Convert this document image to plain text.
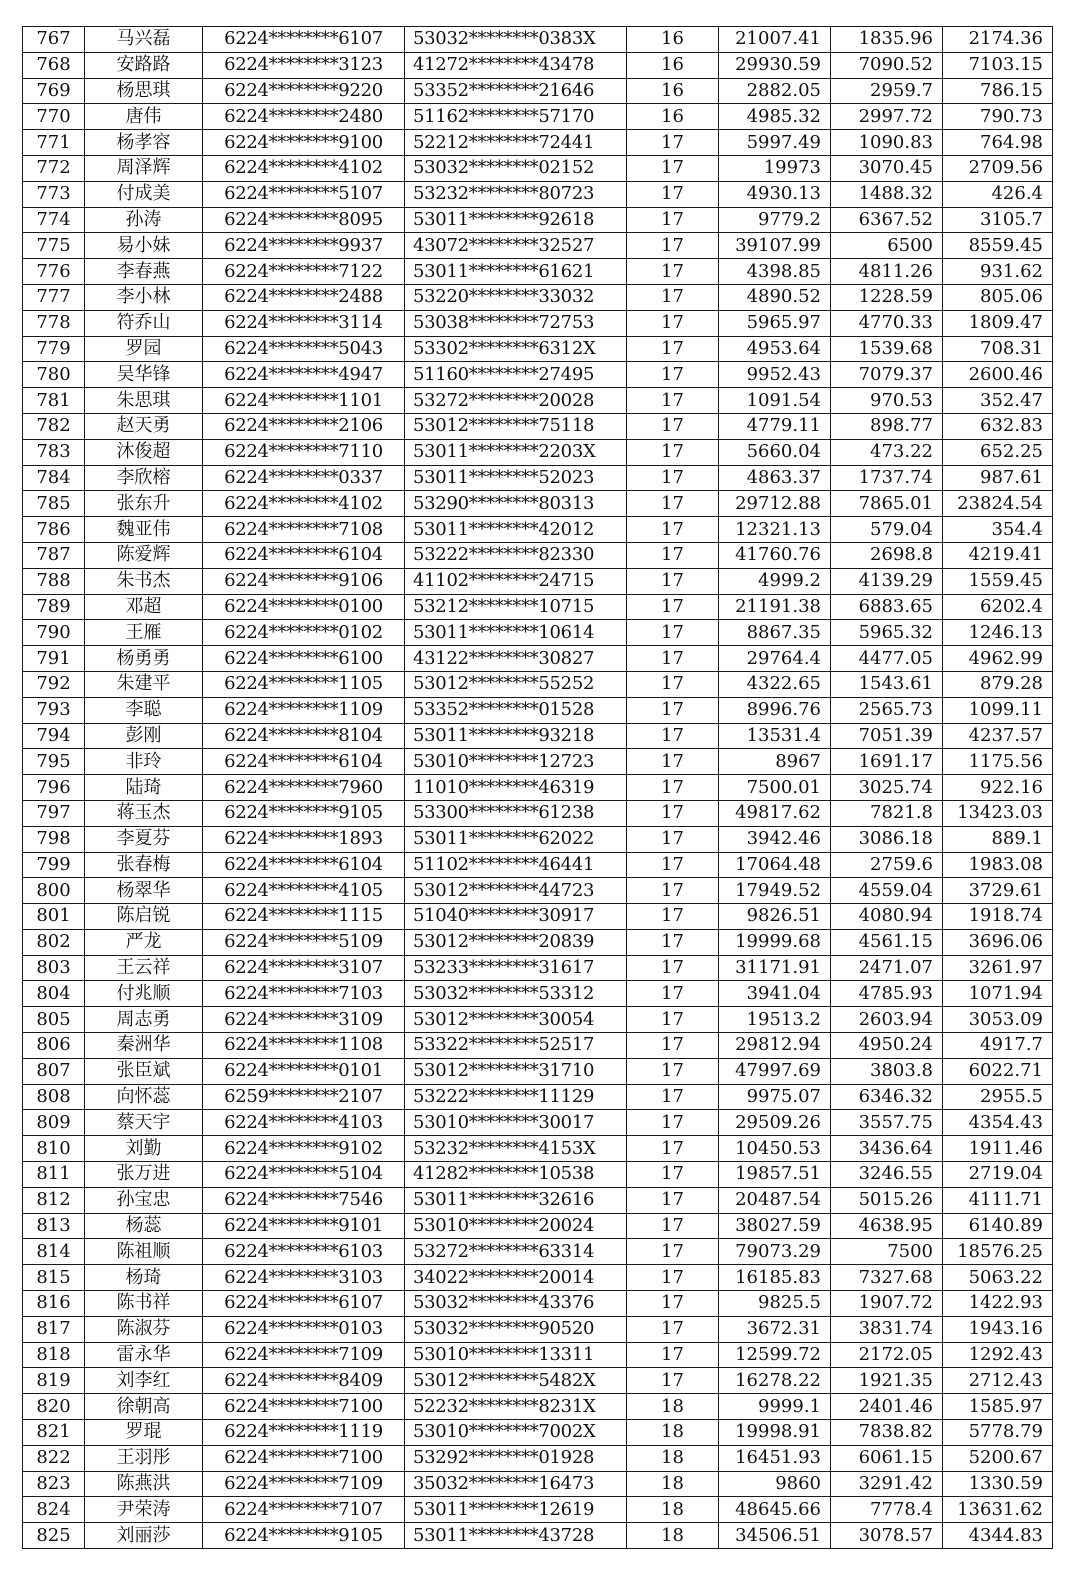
767	马兴磊	6224********6107	53032********0383X	16	21007.41	1835.96	2174.36
768	安路路	6224********3123	41272********43478	16	29930.59	7090.52	7103.15
769	杨思琪	6224********9220	53352********21646	16	2882.05	2959.7	786.15
770	唐伟	6224********2480	51162********57170	16	4985.32	2997.72	790.73
771	杨孝容	6224********9100	52212********72441	17	5997.49	1090.83	764.98
772	周泽辉	6224********4102	53032********02152	17	19973	3070.45	2709.56
773	付成美	6224********5107	53232********80723	17	4930.13	1488.32	426.4
774	孙涛	6224********8095	53011********92618	17	9779.2	6367.52	3105.7
775	易小妹	6224********9937	43072********32527	17	39107.99	6500	8559.45
776	李春燕	6224********7122	53011********61621	17	4398.85	4811.26	931.62
777	李小林	6224********2488	53220********33032	17	4890.52	1228.59	805.06
778	符乔山	6224********3114	53038********72753	17	5965.97	4770.33	1809.47
779	罗园	6224********5043	53302********6312X	17	4953.64	1539.68	708.31
780	吴华锋	6224********4947	51160********27495	17	9952.43	7079.37	2600.46
781	朱思琪	6224********1101	53272********20028	17	1091.54	970.53	352.47
782	赵天勇	6224********2106	53012********75118	17	4779.11	898.77	632.83
783	沐俊超	6224********7110	53011********2203X	17	5660.04	473.22	652.25
784	李欣榕	6224********0337	53011********52023	17	4863.37	1737.74	987.61
785	张东升	6224********4102	53290********80313	17	29712.88	7865.01	23824.54
786	魏亚伟	6224********7108	53011********42012	17	12321.13	579.04	354.4
787	陈爱辉	6224********6104	53222********82330	17	41760.76	2698.8	4219.41
788	朱书杰	6224********9106	41102********24715	17	4999.2	4139.29	1559.45
789	邓超	6224********0100	53212********10715	17	21191.38	6883.65	6202.4
790	王雁	6224********0102	53011********10614	17	8867.35	5965.32	1246.13
791	杨勇勇	6224********6100	43122********30827	17	29764.4	4477.05	4962.99
792	朱建平	6224********1105	53012********55252	17	4322.65	1543.61	879.28
793	李聪	6224********1109	53352********01528	17	8996.76	2565.73	1099.11
794	彭刚	6224********8104	53011********93218	17	13531.4	7051.39	4237.57
795	非玲	6224********6104	53010********12723	17	8967	1691.17	1175.56
796	陆琦	6224********7960	11010********46319	17	7500.01	3025.74	922.16
797	蒋玉杰	6224********9105	53300********61238	17	49817.62	7821.8	13423.03
798	李夏芬	6224********1893	53011********62022	17	3942.46	3086.18	889.1
799	张春梅	6224********6104	51102********46441	17	17064.48	2759.6	1983.08
800	杨翠华	6224********4105	53012********44723	17	17949.52	4559.04	3729.61
801	陈启锐	6224********1115	51040********30917	17	9826.51	4080.94	1918.74
802	严龙	6224********5109	53012********20839	17	19999.68	4561.15	3696.06
803	王云祥	6224********3107	53233********31617	17	31171.91	2471.07	3261.97
804	付兆顺	6224********7103	53032********53312	17	3941.04	4785.93	1071.94
805	周志勇	6224********3109	53012********30054	17	19513.2	2603.94	3053.09
806	秦洲华	6224********1108	53322********52517	17	29812.94	4950.24	4917.7
807	张臣斌	6224********0101	53012********31710	17	47997.69	3803.8	6022.71
808	向怀蕊	6259********2107	53222********11129	17	9975.07	6346.32	2955.5
809	蔡天宇	6224********4103	53010********30017	17	29509.26	3557.75	4354.43
810	刘勤	6224********9102	53232********4153X	17	10450.53	3436.64	1911.46
811	张万进	6224********5104	41282********10538	17	19857.51	3246.55	2719.04
812	孙宝忠	6224********7546	53011********32616	17	20487.54	5015.26	4111.71
813	杨蕊	6224********9101	53010********20024	17	38027.59	4638.95	6140.89
814	陈祖顺	6224********6103	53272********63314	17	79073.29	7500	18576.25
815	杨琦	6224********3103	34022********20014	17	16185.83	7327.68	5063.22
816	陈书祥	6224********6107	53032********43376	17	9825.5	1907.72	1422.93
817	陈淑芬	6224********0103	53032********90520	17	3672.31	3831.74	1943.16
818	雷永华	6224********7109	53010********13311	17	12599.72	2172.05	1292.43
819	刘李红	6224********8409	53012********5482X	17	16278.22	1921.35	2712.43
820	徐朝高	6224********7100	52232********8231X	18	9999.1	2401.46	1585.97
821	罗琨	6224********1119	53010********7002X	18	19998.91	7838.82	5778.79
822	王羽彤	6224********7100	53292********01928	18	16451.93	6061.15	5200.67
823	陈燕洪	6224********7109	35032********16473	18	9860	3291.42	1330.59
824	尹荣涛	6224********7107	53011********12619	18	48645.66	7778.4	13631.62
825	刘丽莎	6224********9105	53011********43728	18	34506.51	3078.57	4344.83
